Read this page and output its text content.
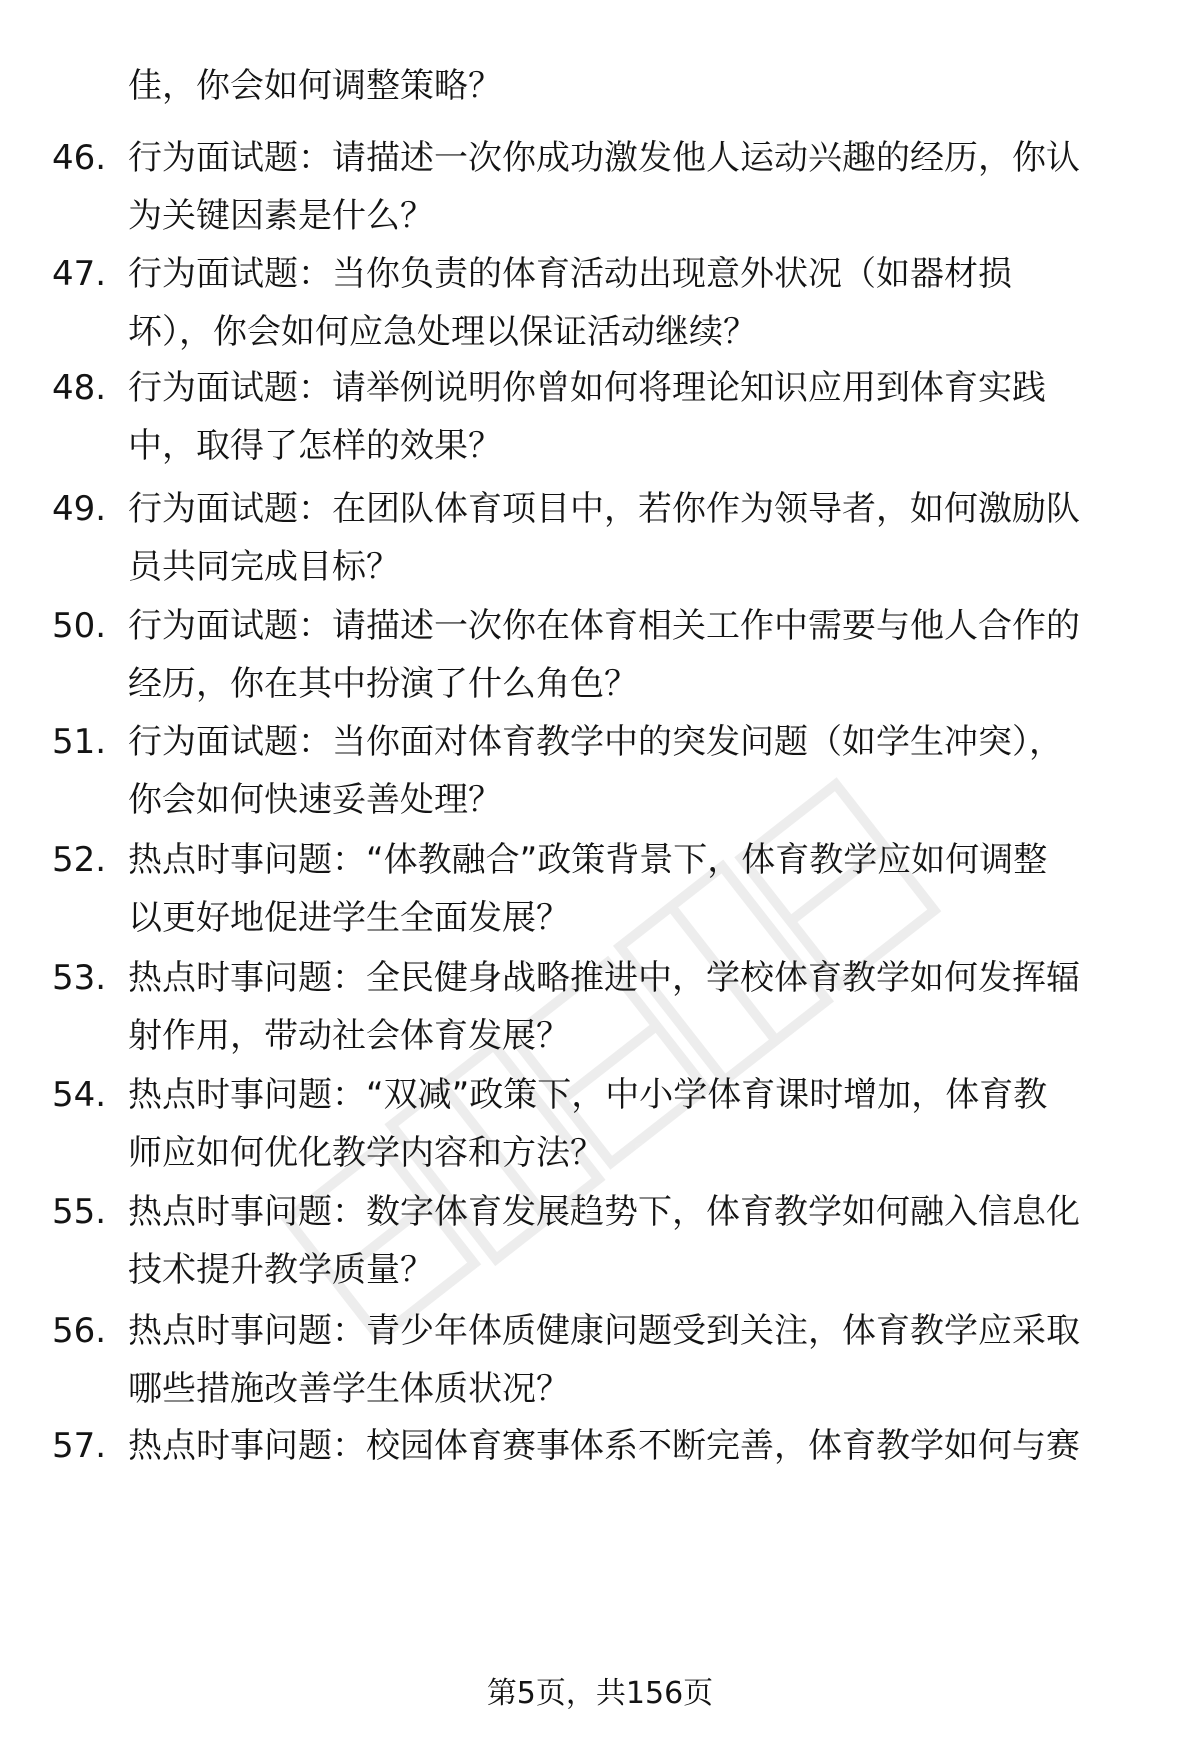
佳，你会如何调整策略？
46. 行为面试题：请描述一次你成功激发他人运动兴趣的经历，你认
为关键因素是什么？
47. 行为面试题：当你负责的体育活动出现意外状况（如器材损
坏），你会如何应急处理以保证活动继续？
48. 行为面试题：请举例说明你曾如何将理论知识应用到体育实践
中，取得了怎样的效果？
49. 行为面试题：在团队体育项目中，若你作为领导者，如何激励队
员共同完成目标？
50. 行为面试题：请描述一次你在体育相关工作中需要与他人合作的
经历，你在其中扮演了什么角色？
51. 行为面试题：当你面对体育教学中的突发问题（如学生冲突），
你会如何快速妥善处理？
52. 热点时事问题：“体教融合”政策背景下，体育教学应如何调整
以更好地促进学生全面发展？
53. 热点时事问题：全民健身战略推进中，学校体育教学如何发挥辐
射作用，带动社会体育发展？
54. 热点时事问题：“双减”政策下，中小学体育课时增加，体育教
师应如何优化教学内容和方法？
55. 热点时事问题：数字体育发展趋势下，体育教学如何融入信息化
技术提升教学质量？
56. 热点时事问题：青少年体质健康问题受到关注，体育教学应采取
哪些措施改善学生体质状况？
57. 热点时事问题：校园体育赛事体系不断完善，体育教学如何与赛
第5页，共156页
